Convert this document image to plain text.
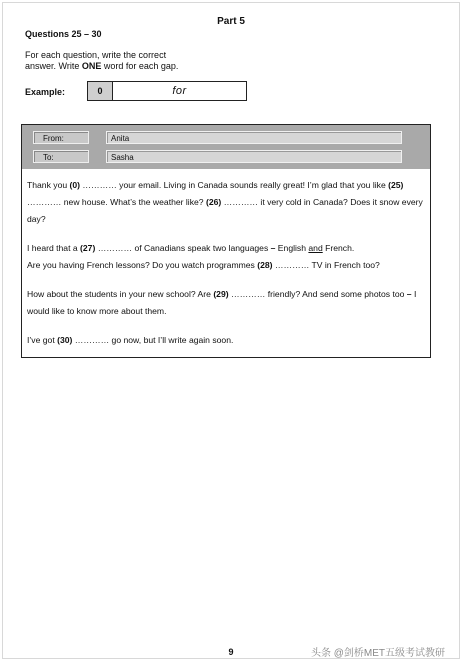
Part 5
Questions 25 – 30
For each question, write the correct
answer. Write ONE word for each gap.
Example:	0	for
From:	Anita
To:	Sasha

Thank you (0) ………… your email. Living in Canada sounds really great! I’m glad that you like (25) ………… new house. What’s the weather like? (26) ………… it very cold in Canada? Does it snow every day?

I heard that a (27) ………… of Canadians speak two languages – English and French.
Are you having French lessons? Do you watch programmes (28) ………… TV in French too?

How about the students in your new school? Are (29) ………… friendly? And send some photos too – I would like to know more about them.

I’ve got (30) ………… go now, but I’ll write again soon.

9	头条 @剑桥MET五级考试教研
